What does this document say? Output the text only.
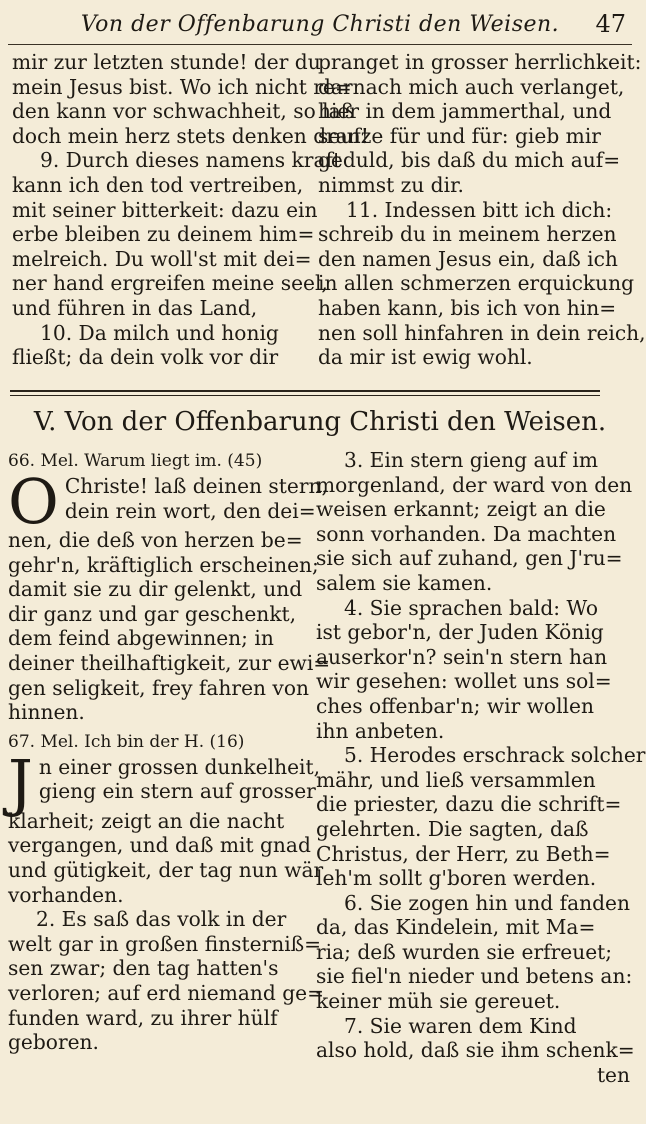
Von der Offenbarung Christi den Weisen. 47
mir zur letzten stunde! der du
mein Jesus bist. Wo ich nicht re=
den kann vor schwachheit, so laß
doch mein herz stets denken dran!
9. Durch dieses namens kraft
kann ich den tod vertreiben,
mit seiner bitterkeit: dazu ein
erbe bleiben zu deinem him=
melreich. Du woll'st mit dei=
ner hand ergreifen meine seel,
und führen in das Land,
10. Da milch und honig
fließt; da dein volk vor dir
pranget in grosser herrlichkeit:
darnach mich auch verlanget,
hier in dem jammerthal, und
seufze für und für: gieb mir
geduld, bis daß du mich auf=
nimmst zu dir.
11. Indessen bitt ich dich:
schreib du in meinem herzen
den namen Jesus ein, daß ich
in allen schmerzen erquickung
haben kann, bis ich von hin=
nen soll hinfahren in dein reich,
da mir ist ewig wohl.
V. Von der Offenbarung Christi den Weisen.

66. Mel. Warum liegt im. (45)

O Christe! laß deinen stern,
dein rein wort, den dei=
nen, die deß von herzen be=
gehr'n, kräftiglich erscheinen;
damit sie zu dir gelenkt, und
dir ganz und gar geschenkt,
dem feind abgewinnen; in
deiner theilhaftigkeit, zur ewi=
gen seligkeit, frey fahren von
hinnen.

67. Mel. Ich bin der H. (16)

J n einer grossen dunkelheit,
gieng ein stern auf grosser
klarheit; zeigt an die nacht
vergangen, und daß mit gnad
und gütigkeit, der tag nun wär
vorhanden.
2. Es saß das volk in der
welt gar in großen finsterniß=
sen zwar; den tag hatten's
verloren; auf erd niemand ge=
funden ward, zu ihrer hülf
geboren.
3. Ein stern gieng auf im
morgenland, der ward von den
weisen erkannt; zeigt an die
sonn vorhanden. Da machten
sie sich auf zuhand, gen J'ru=
salem sie kamen.
4. Sie sprachen bald: Wo
ist gebor'n, der Juden König
auserkor'n? sein'n stern han
wir gesehen: wollet uns sol=
ches offenbar'n; wir wollen
ihn anbeten.
5. Herodes erschrack solcher
mähr, und ließ versammlen
die priester, dazu die schrift=
gelehrten. Die sagten, daß
Christus, der Herr, zu Beth=
leh'm sollt g'boren werden.
6. Sie zogen hin und fanden
da, das Kindelein, mit Ma=
ria; deß wurden sie erfreuet;
sie fiel'n nieder und betens an:
keiner müh sie gereuet.
7. Sie waren dem Kind
also hold, daß sie ihm schenk=
ten
